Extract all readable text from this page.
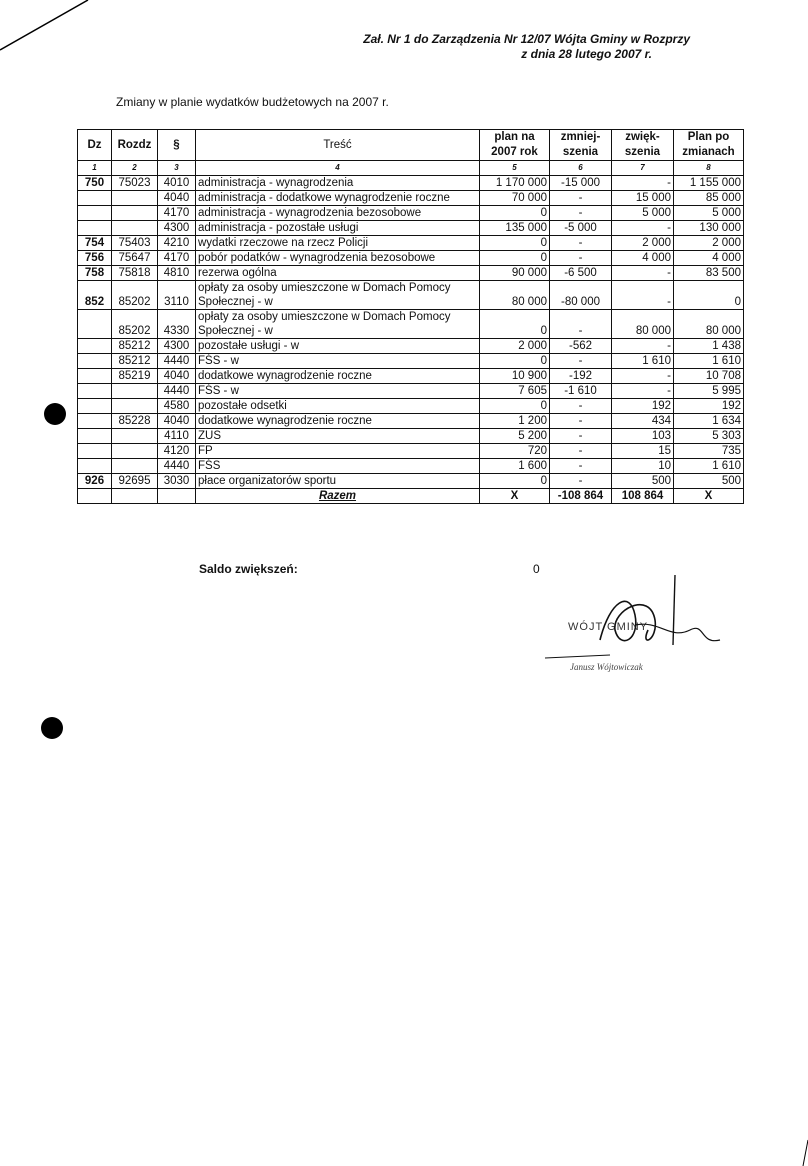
Zał. Nr 1 do Zarządzenia Nr 12/07 Wójta Gminy w Rozprzy
z dnia 28 lutego 2007 r.
Zmiany w planie wydatków budżetowych na 2007 r.
Dz	Rozdz	§	Treść	plan na 2007 rok	zmniej- szenia	zwięk- szenia	Plan po zmianach
1	2	3	4	5	6	7	8
750	75023	4010	administracja - wynagrodzenia	1 170 000	-15 000	-	1 155 000
		4040	administracja - dodatkowe wynagrodzenie roczne	70 000	-	15 000	85 000
		4170	administracja - wynagrodzenia bezosobowe	0	-	5 000	5 000
		4300	administracja - pozostałe usługi	135 000	-5 000	-	130 000
754	75403	4210	wydatki rzeczowe na rzecz Policji	0	-	2 000	2 000
756	75647	4170	pobór podatków - wynagrodzenia bezosobowe	0	-	4 000	4 000
758	75818	4810	rezerwa ogólna	90 000	-6 500	-	83 500
852	85202	3110	opłaty za osoby umieszczone w Domach Pomocy Społecznej - w	80 000	-80 000	-	0
	85202	4330	opłaty za osoby umieszczone w Domach Pomocy Społecznej - w	0	-	80 000	80 000
	85212	4300	pozostałe usługi - w	2 000	-562	-	1 438
	85212	4440	FŚS - w	0	-	1 610	1 610
	85219	4040	dodatkowe wynagrodzenie roczne	10 900	-192	-	10 708
		4440	FŚS - w	7 605	-1 610	-	5 995
		4580	pozostałe odsetki	0	-	192	192
	85228	4040	dodatkowe wynagrodzenie roczne	1 200	-	434	1 634
		4110	ZUS	5 200	-	103	5 303
		4120	FP	720	-	15	735
		4440	FŚS	1 600	-	10	1 610
926	92695	3030	płace organizatorów sportu	0	-	500	500
			Razem	X	-108 864	108 864	X
Saldo zwiększeń:	0
WÓJT GMINY
Janusz Wójtowiczak
